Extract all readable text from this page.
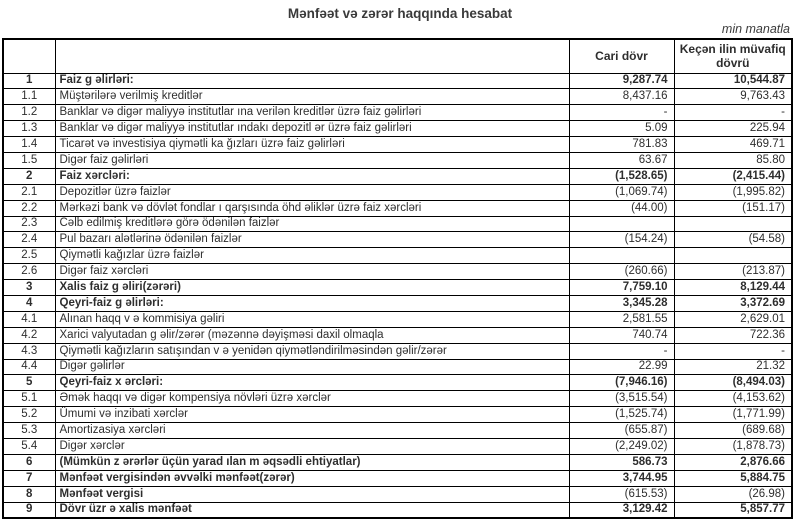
Mənfəət və zərər haqqında hesabat
min manatla
		Cari dövr	Keçən ilin müvafiq dövrü
1	Faiz g əlirləri:	9,287.74	10,544.87
1.1	Müştərilərə verilmiş kreditlər	8,437.16	9,763.43
1.2	Banklar və digər maliyyə institutlar ına verilən kreditlər üzrə faiz gəlirləri	-	-
1.3	Banklar və digər maliyyə institutlar ındakı depozitl ər üzrə faiz gəlirləri	5.09	225.94
1.4	Ticarət və investisiya qiymətli ka ğızları üzrə faiz gəlirləri	781.83	469.71
1.5	Digər faiz gəlirləri	63.67	85.80
2	Faiz xərcləri:	(1,528.65)	(2,415.44)
2.1	Depozitlər üzrə faizlər	(1,069.74)	(1,995.82)
2.2	Mərkəzi bank və dövlət fondlar ı qarşısında öhd əliklər üzrə faiz xərcləri	(44.00)	(151.17)
2.3	Cəlb edilmiş kreditlərə görə ödənilən faizlər		
2.4	Pul bazarı alətlərinə ödənilən faizlər	(154.24)	(54.58)
2.5	Qiymətli kağızlar üzrə faizlər		
2.6	Digər faiz xərcləri	(260.66)	(213.87)
3	Xalis faiz g əliri(zərəri)	7,759.10	8,129.44
4	Qeyri-faiz g əlirləri:	3,345.28	3,372.69
4.1	Alınan haqq v ə kommisiya gəliri	2,581.55	2,629.01
4.2	Xarici valyutadan g əlir/zərər (məzənnə dəyişməsi daxil olmaqla	740.74	722.36
4.3	Qiymətli kağızların satışından v ə yenidən qiymətləndirilməsindən gəlir/zərər	-	-
4.4	Digər gəlirlər	22.99	21.32
5	Qeyri-faiz x ərcləri:	(7,946.16)	(8,494.03)
5.1	Əmək haqqı və digər kompensiya növləri üzrə xərclər	(3,515.54)	(4,153.62)
5.2	Ümumi və inzibati xərclər	(1,525.74)	(1,771.99)
5.3	Amortizasiya xərcləri	(655.87)	(689.68)
5.4	Digər xərclər	(2,249.02)	(1,878.73)
6	(Mümkün z ərərlər üçün yarad ılan m əqsədli ehtiyatlar)	586.73	2,876.66
7	Mənfəət vergisindən əvvəlki mənfəət(zərər)	3,744.95	5,884.75
8	Mənfəət vergisi	(615.53)	(26.98)
9	Dövr üzr ə xalis mənfəət	3,129.42	5,857.77
